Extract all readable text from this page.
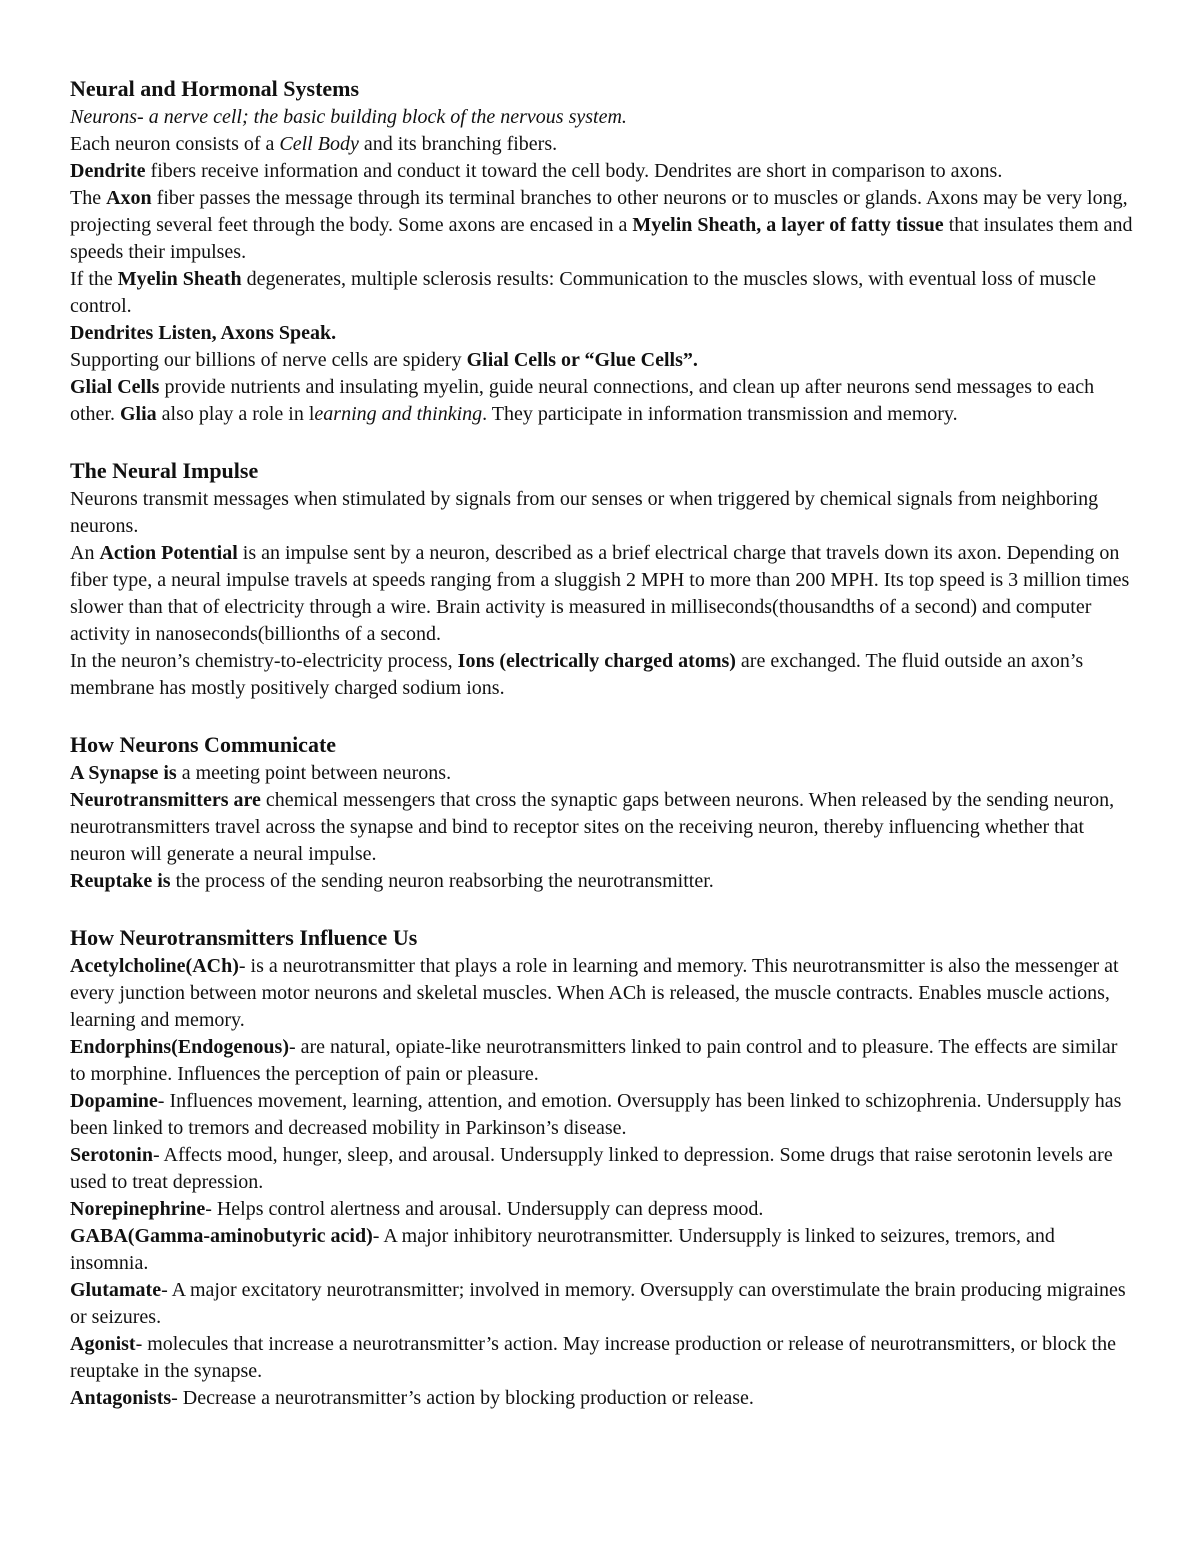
Neural and Hormonal Systems

Neurons- a nerve cell; the basic building block of the nervous system.

Each neuron consists of a Cell Body and its branching fibers.

Dendrite fibers receive information and conduct it toward the cell body. Dendrites are short in comparison to axons.

The Axon fiber passes the message through its terminal branches to other neurons or to muscles or glands. Axons may be very long, projecting several feet through the body. Some axons are encased in a Myelin Sheath, a layer of fatty tissue that insulates them and speeds their impulses.

If the Myelin Sheath degenerates, multiple sclerosis results: Communication to the muscles slows, with eventual loss of muscle control.

Dendrites Listen, Axons Speak.

Supporting our billions of nerve cells are spidery Glial Cells or “Glue Cells”.

Glial Cells provide nutrients and insulating myelin, guide neural connections, and clean up after neurons send messages to each other. Glia also play a role in learning and thinking. They participate in information transmission and memory.

The Neural Impulse

Neurons transmit messages when stimulated by signals from our senses or when triggered by chemical signals from neighboring neurons.

An Action Potential is an impulse sent by a neuron, described as a brief electrical charge that travels down its axon. Depending on fiber type, a neural impulse travels at speeds ranging from a sluggish 2 MPH to more than 200 MPH. Its top speed is 3 million times slower than that of electricity through a wire. Brain activity is measured in milliseconds(thousandths of a second) and computer activity in nanoseconds(billionths of a second.

In the neuron’s chemistry-to-electricity process, Ions (electrically charged atoms) are exchanged. The fluid outside an axon’s membrane has mostly positively charged sodium ions.

How Neurons Communicate

A Synapse is a meeting point between neurons.

Neurotransmitters are chemical messengers that cross the synaptic gaps between neurons. When released by the sending neuron, neurotransmitters travel across the synapse and bind to receptor sites on the receiving neuron, thereby influencing whether that neuron will generate a neural impulse.

Reuptake is the process of the sending neuron reabsorbing the neurotransmitter.

How Neurotransmitters Influence Us

Acetylcholine(ACh)- is a neurotransmitter that plays a role in learning and memory. This neurotransmitter is also the messenger at every junction between motor neurons and skeletal muscles. When ACh is released, the muscle contracts. Enables muscle actions, learning and memory.

Endorphins(Endogenous)- are natural, opiate-like neurotransmitters linked to pain control and to pleasure. The effects are similar to morphine. Influences the perception of pain or pleasure.

Dopamine- Influences movement, learning, attention, and emotion. Oversupply has been linked to schizophrenia. Undersupply has been linked to tremors and decreased mobility in Parkinson’s disease.

Serotonin- Affects mood, hunger, sleep, and arousal. Undersupply linked to depression. Some drugs that raise serotonin levels are used to treat depression.

Norepinephrine- Helps control alertness and arousal. Undersupply can depress mood.

GABA(Gamma-aminobutyric acid)- A major inhibitory neurotransmitter. Undersupply is linked to seizures, tremors, and insomnia.

Glutamate- A major excitatory neurotransmitter; involved in memory. Oversupply can overstimulate the brain producing migraines or seizures.

Agonist- molecules that increase a neurotransmitter’s action. May increase production or release of neurotransmitters, or block the reuptake in the synapse.

Antagonists- Decrease a neurotransmitter’s action by blocking production or release.
